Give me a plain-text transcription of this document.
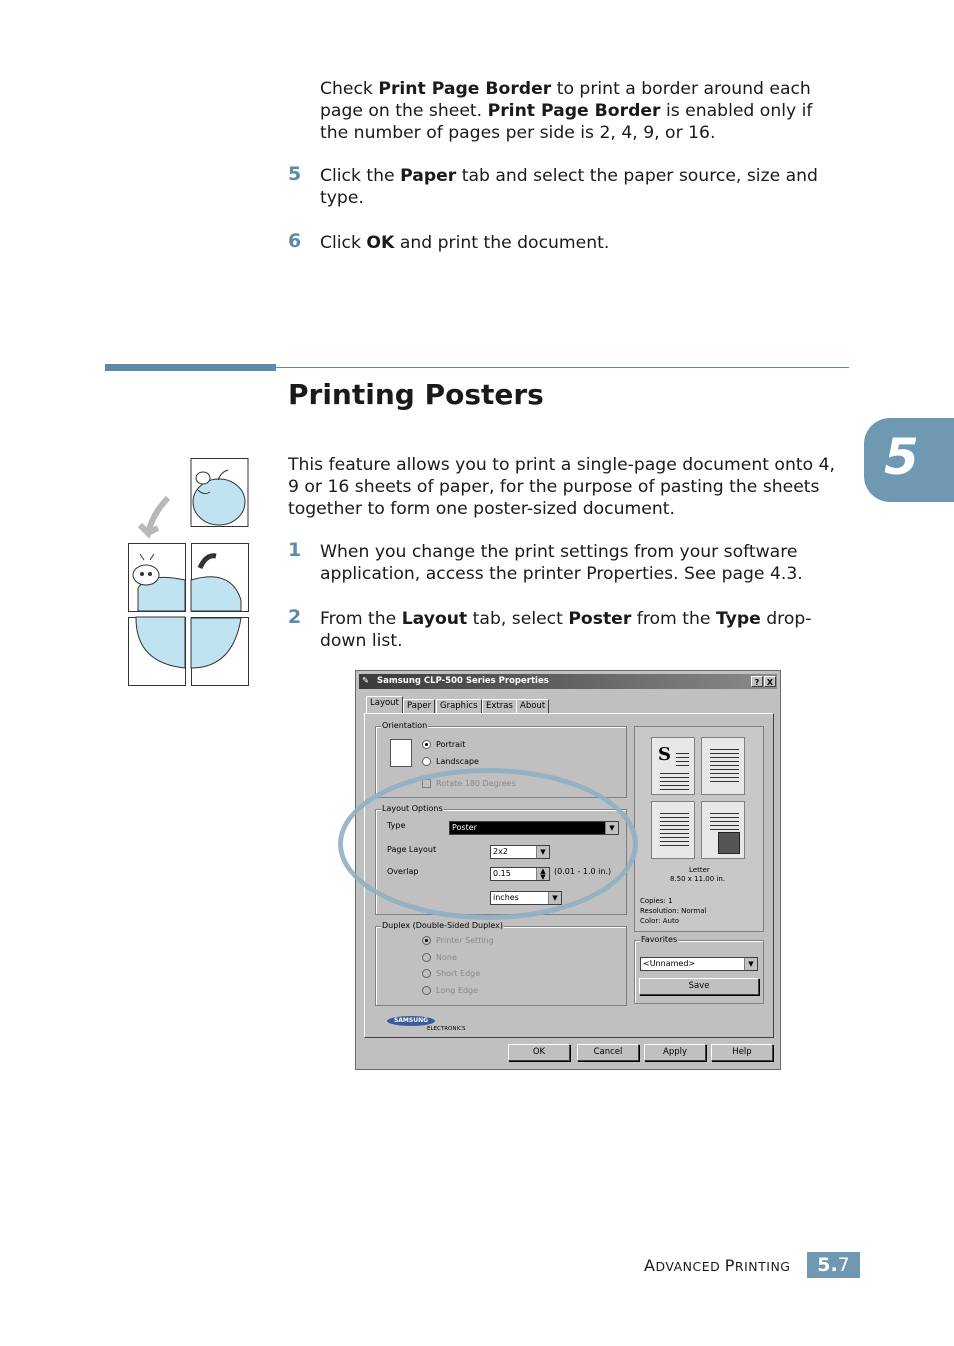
Check Print Page Border to print a border around each page on the sheet. Print Page Border is enabled only if the number of pages per side is 2, 4, 9, or 16.
5 Click the Paper tab and select the paper source, size and type.
6 Click OK and print the document.
Printing Posters
5
This feature allows you to print a single-page document onto 4, 9 or 16 sheets of paper, for the purpose of pasting the sheets together to form one poster-sized document.
1 When you change the print settings from your software application, access the printer Properties. See page 4.3.
2 From the Layout tab, select Poster from the Type drop-down list.
✎ Samsung CLP-500 Series Properties	? X
Layout Paper	Graphics Extras About
Orientation
Portrait
Landscape
Rotate 180 Degrees
Layout Options
Type	Poster	▼
Page Layout	2x2	▼
Overlap	0.15	▲
▼
(0.01 - 1.0 in.)
inches	▼
Duplex (Double-Sided Duplex)
Printer Setting
None
Short Edge
Long Edge
S
Letter
8.50 x 11.00 in.
Copies: 1
Resolution: Normal
Color: Auto
Favorites
<Unnamed>	▼
Save
SAMSUNG
ELECTRONICS
OK	Cancel	Apply	Help
ADVANCED PRINTING	5.7
